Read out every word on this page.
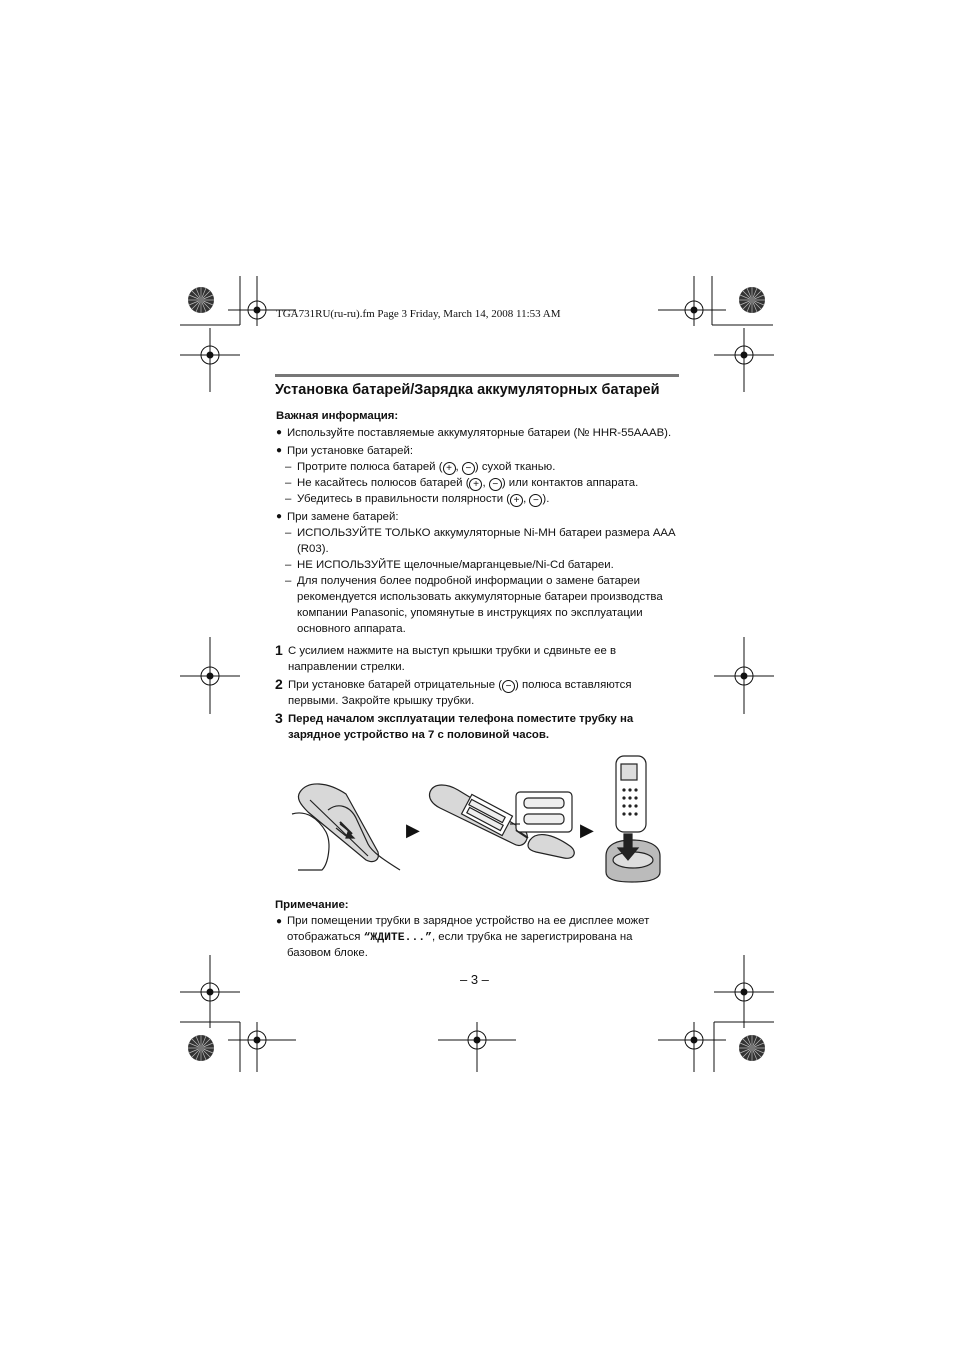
TGA731RU(ru-ru).fm Page 3 Friday, March 14, 2008 11:53 AM
Установка батарей/Зарядка аккумуляторных батарей
Важная информация:
● Используйте поставляемые аккумуляторные батареи (№ HHR-55AAAB).
● При установке батарей:
– Протрите полюса батарей ( + , − ) сухой тканью.
– Не касайтесь полюсов батарей ( + , − ) или контактов аппарата.
– Убедитесь в правильности полярности ( + , − ).
● При замене батарей:
– ИСПОЛЬЗУЙТЕ ТОЛЬКО аккумуляторные Ni-MH батареи размера AAA
(R03).
– НЕ ИСПОЛЬЗУЙТЕ щелочные/марганцевые/Ni-Cd батареи.
– Для получения более подробной информации о замене батареи
рекомендуется использовать аккумуляторные батареи производства
компании Panasonic, упомянутые в инструкциях по эксплуатации
основного аппарата.
1 С усилием нажмите на выступ крышки трубки и сдвиньте ее в
направлении стрелки.
2 При установке батарей отрицательные ( − ) полюса вставляются
первыми. Закройте крышку трубки.
3 Перед началом эксплуатации телефона поместите трубку на
зарядное устройство на 7 с половиной часов.
▶	▶
Примечание:
● При помещении трубки в зарядное устройство на ее дисплее может
отображаться “ЖДИТЕ...”, если трубка не зарегистрирована на
базовом блоке.
– 3 –
